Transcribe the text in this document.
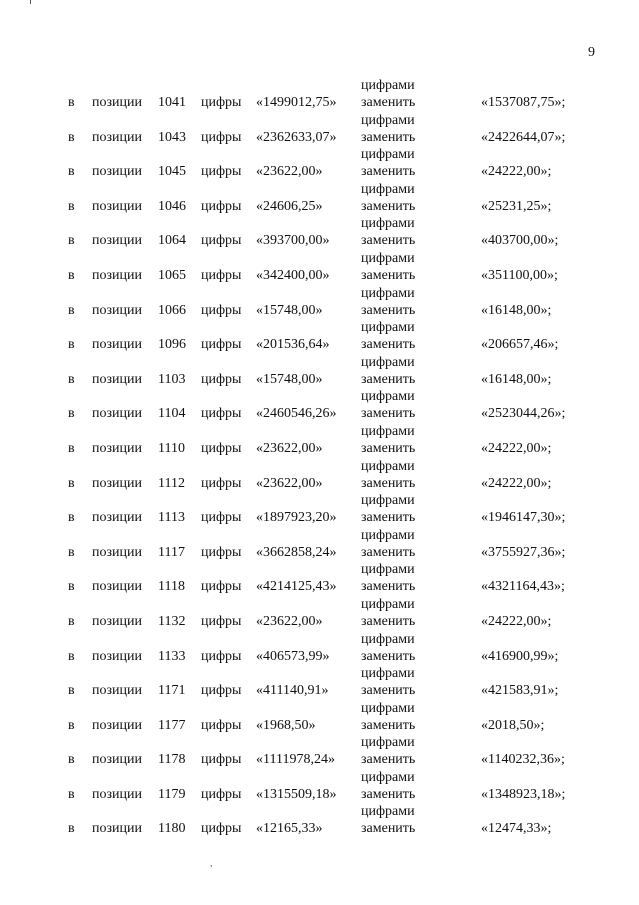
9
цифрами
в позиции 1041 цифры «1499012,75» заменить	«1537087,75»;
цифрами
в позиции 1043 цифры «2362633,07» заменить	«2422644,07»;
цифрами
в позиции 1045 цифры «23622,00»	заменить	«24222,00»;
цифрами
в позиции 1046 цифры «24606,25»	заменить	«25231,25»;
цифрами
в позиции 1064 цифры «393700,00» заменить	«403700,00»;
цифрами
в позиции 1065 цифры «342400,00» заменить	«351100,00»;
цифрами
в позиции 1066 цифры «15748,00»	заменить	«16148,00»;
цифрами
в позиции 1096 цифры «201536,64» заменить	«206657,46»;
цифрами
в позиции 1103 цифры «15748,00»	заменить	«16148,00»;
цифрами
в позиции 1104 цифры «2460546,26» заменить	«2523044,26»;
цифрами
в позиции 1110 цифры «23622,00»	заменить	«24222,00»;
цифрами
в позиции 1112 цифры «23622,00»	заменить	«24222,00»;
цифрами
в позиции 1113 цифры «1897923,20» заменить	«1946147,30»;
цифрами
в позиции 1117 цифры «3662858,24» заменить	«3755927,36»;
цифрами
в позиции 1118 цифры «4214125,43» заменить	«4321164,43»;
цифрами
в позиции 1132 цифры «23622,00»	заменить	«24222,00»;
цифрами
в позиции 1133 цифры «406573,99» заменить	«416900,99»;
цифрами
в позиции 1171 цифры «411140,91» заменить	«421583,91»;
цифрами
в позиции 1177 цифры «1968,50»	заменить	«2018,50»;
цифрами
в позиции 1178 цифры «1111978,24» заменить	«1140232,36»;
цифрами
в позиции 1179 цифры «1315509,18» заменить	«1348923,18»;
цифрами
в позиции 1180 цифры «12165,33»	заменить	«12474,33»;
,
